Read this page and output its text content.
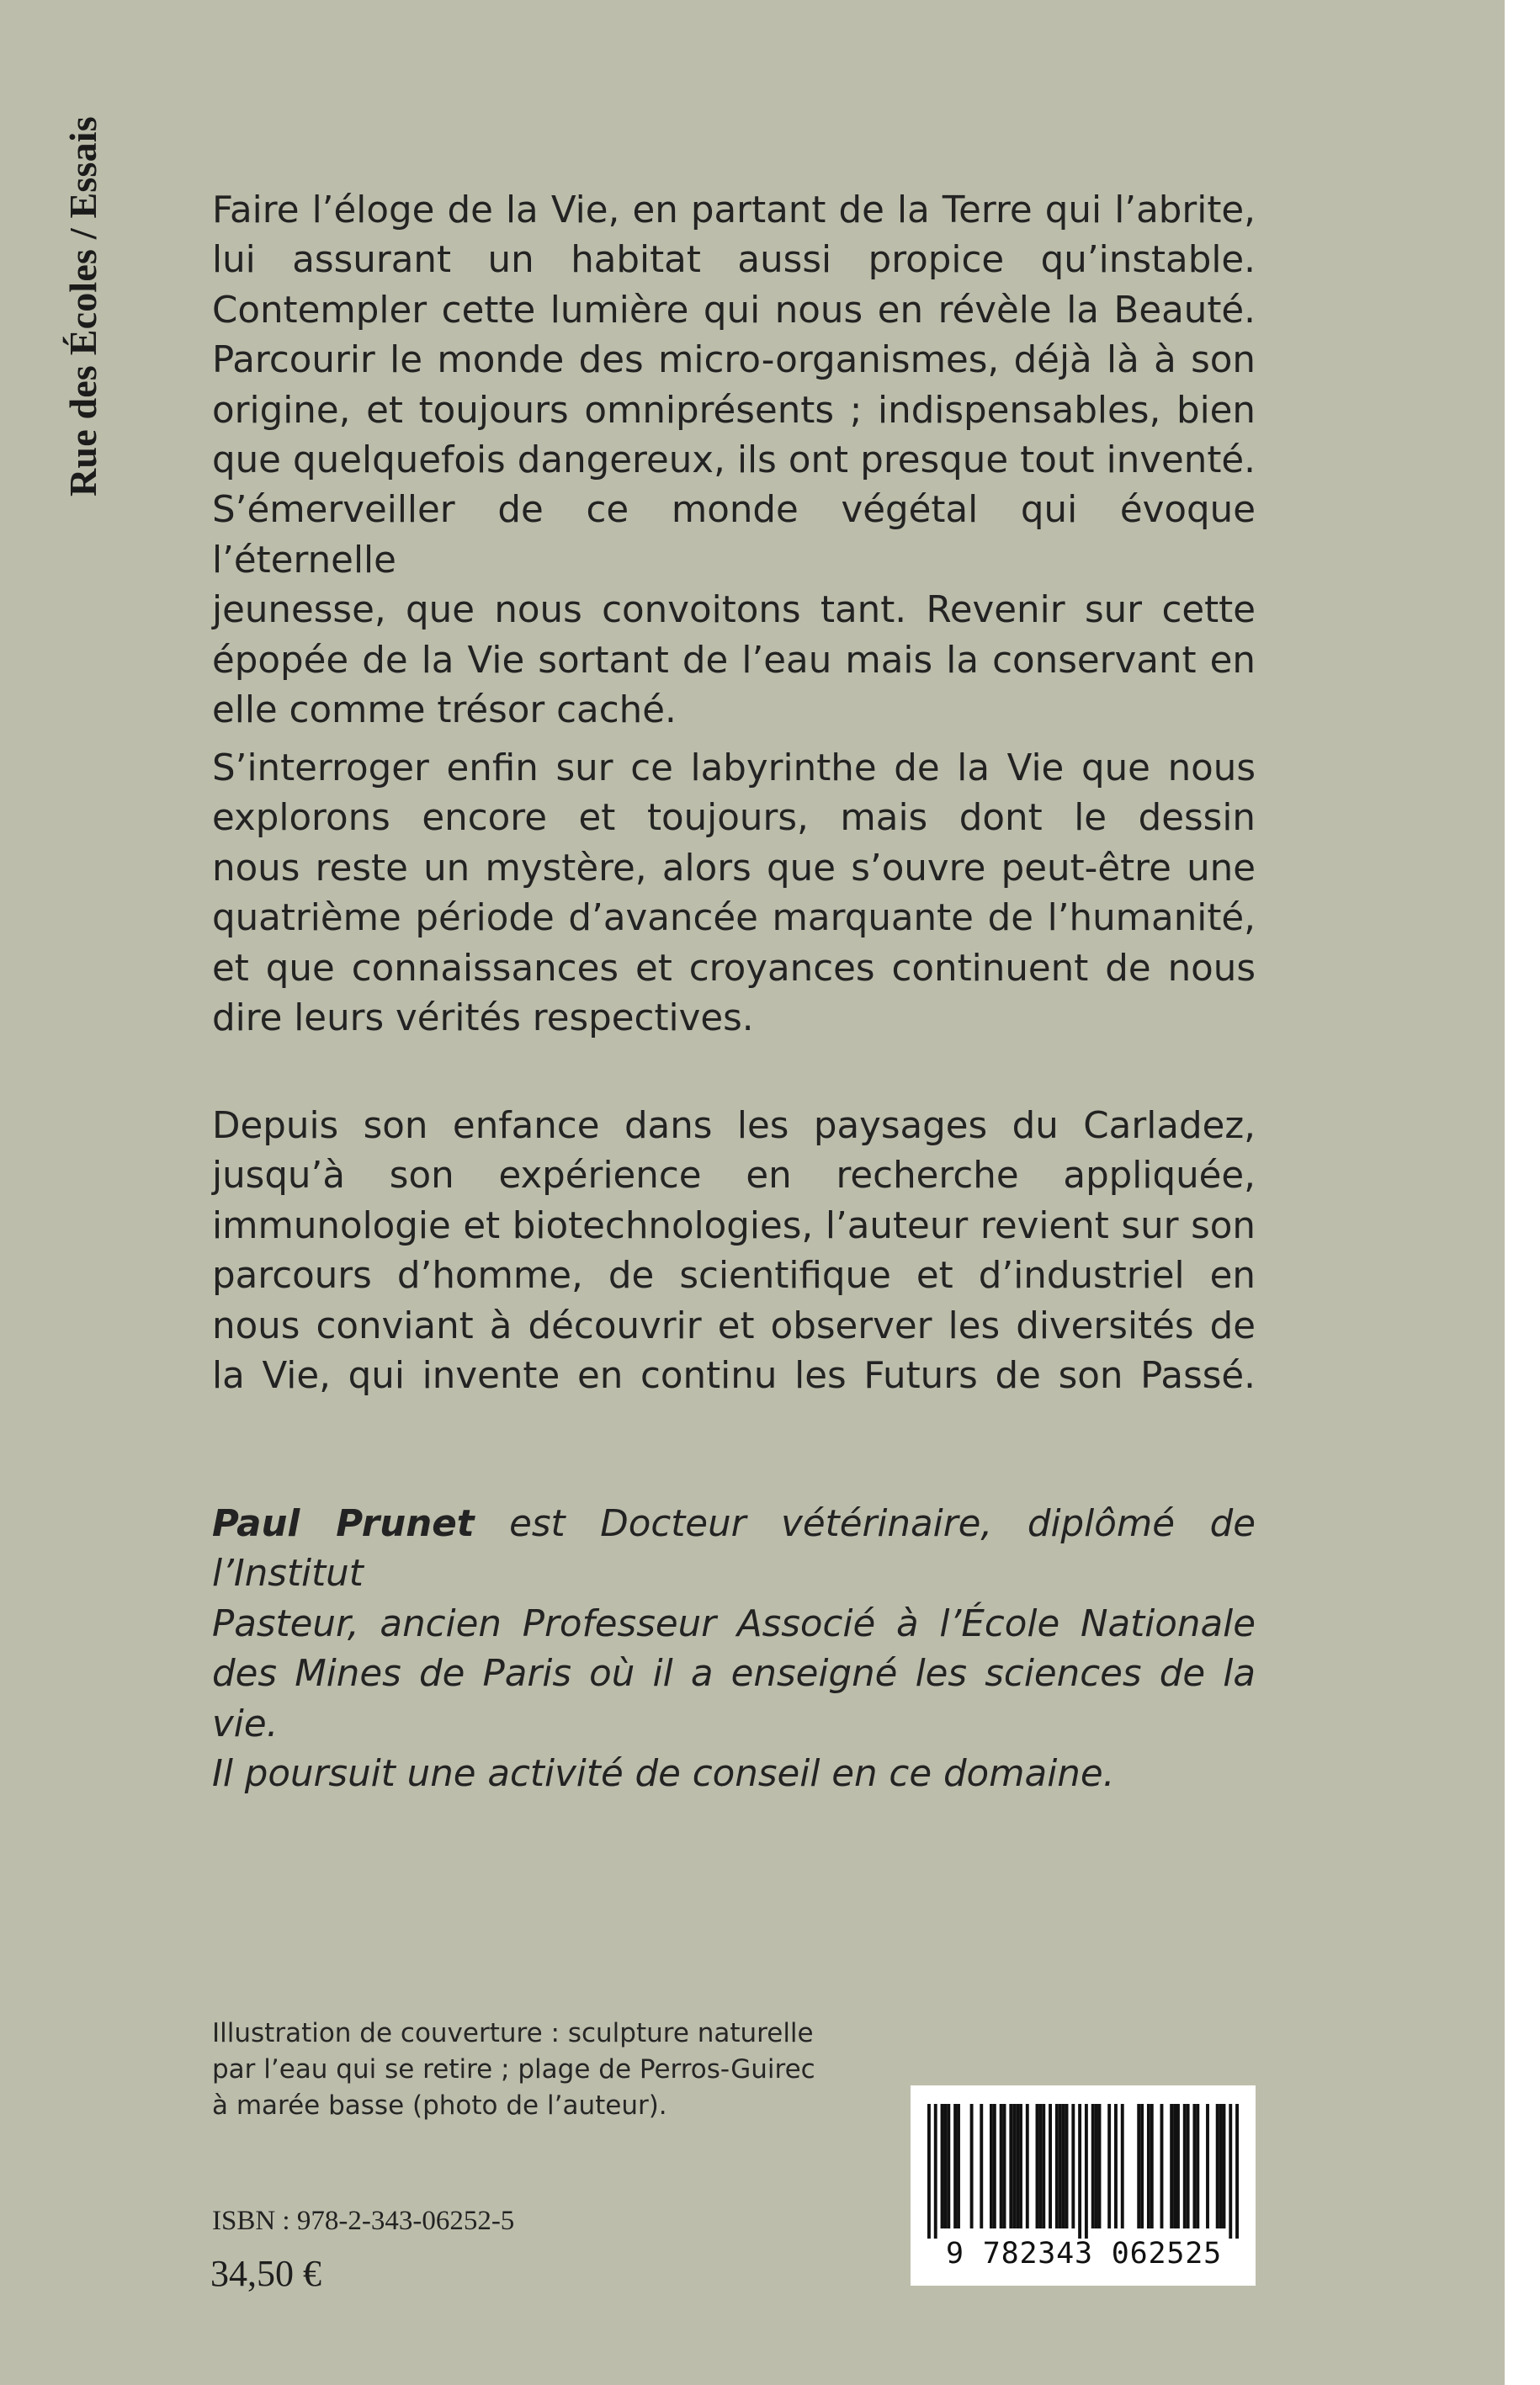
Rue des Écoles / Essais	Faire l’éloge de la Vie, en partant de la Terre qui l’abrite,
lui assurant un habitat aussi propice qu’instable.
Contempler cette lumière qui nous en révèle la Beauté.
Parcourir le monde des micro-organismes, déjà là à son
origine, et toujours omniprésents ; indispensables, bien
que quelquefois dangereux, ils ont presque tout inventé.
S’émerveiller de ce monde végétal qui évoque l’éternelle
jeunesse, que nous convoitons tant. Revenir sur cette
épopée de la Vie sortant de l’eau mais la conservant en
elle comme trésor caché.
S’interroger enfin sur ce labyrinthe de la Vie que nous
explorons encore et toujours, mais dont le dessin
nous reste un mystère, alors que s’ouvre peut-être une
quatrième période d’avancée marquante de l’humanité,
et que connaissances et croyances continuent de nous
dire leurs vérités respectives.
Depuis son enfance dans les paysages du Carladez,
jusqu’à son expérience en recherche appliquée,
immunologie et biotechnologies, l’auteur revient sur son
parcours d’homme, de scientifique et d’industriel en
nous conviant à découvrir et observer les diversités de
la Vie, qui invente en continu les Futurs de son Passé.
Paul Prunet est Docteur vétérinaire, diplômé de l’Institut
Pasteur, ancien Professeur Associé à l’École Nationale
des Mines de Paris où il a enseigné les sciences de la vie.
Il poursuit une activité de conseil en ce domaine.
Illustration de couverture : sculpture naturelle
par l’eau qui se retire ; plage de Perros-Guirec
à marée basse (photo de l’auteur).
ISBN : 978-2-343-06252-5
34,50 €	9 782343 062525
